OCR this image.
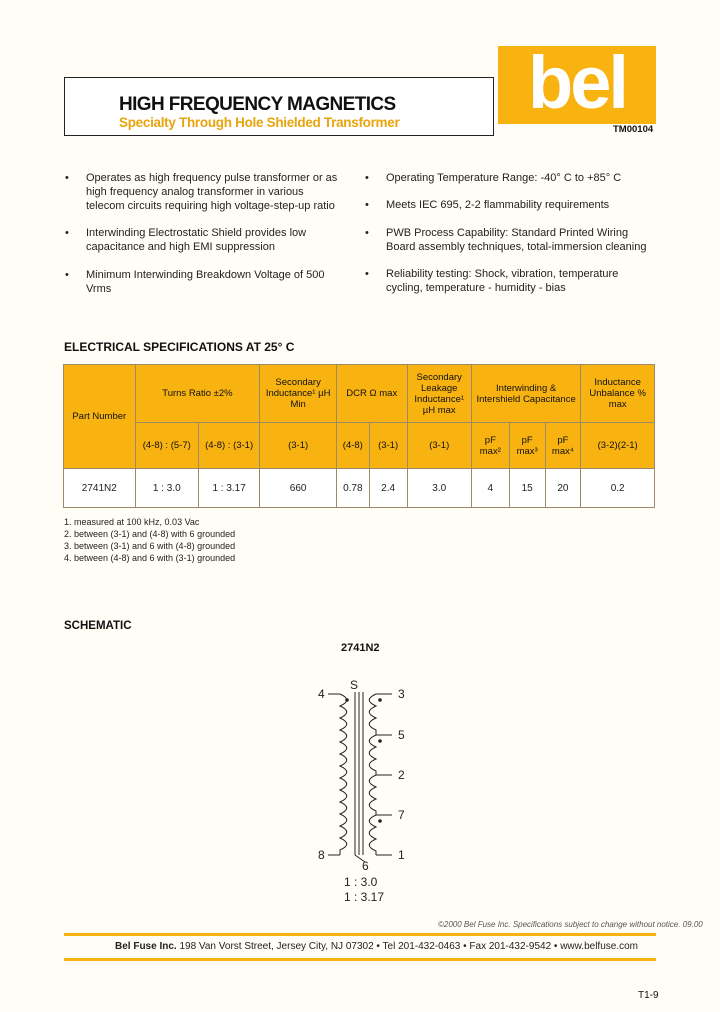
bel
HIGH FREQUENCY MAGNETICS
Specialty Through Hole Shielded Transformer	TM00104
• Operates as high frequency pulse transformer or as high frequency analog transformer in various telecom circuits requiring high voltage-step-up ratio
• Interwinding Electrostatic Shield provides low capacitance and high EMI suppression
• Minimum Interwinding Breakdown Voltage of 500 Vrms
• Operating Temperature Range: -40° C to +85° C
• Meets IEC 695, 2-2 flammability requirements
• PWB Process Capability: Standard Printed Wiring Board assembly techniques, total-immersion cleaning
• Reliability testing: Shock, vibration, temperature cycling, temperature - humidity - bias
ELECTRICAL SPECIFICATIONS AT 25° C
Part Number	Turns Ratio ±2%		Secondary Inductance¹ µH Min	DCR Ω max		Secondary Leakage Inductance¹ µH max	Interwinding & Intershield Capacitance			Inductance Unbalance % max
	(4-8) : (5-7)	(4-8) : (3-1)	(3-1)	(4-8)	(3-1)	(3-1)	pF max²	pF max³	pF max⁴	(3-2)(2-1)
2741N2	1 : 3.0	1 : 3.17	660	0.78	2.4	3.0	4	15	20	0.2
1. measured at 100 kHz, 0.03 Vac
2. between (3-1) and (4-8) with 6 grounded
3. between (3-1) and 6 with (4-8) grounded
4. between (4-8) and 6 with (3-1) grounded
SCHEMATIC
2741N2
S
4
8
3
5
2
7
1
6
1 : 3.0
1 : 3.17
©2000 Bel Fuse Inc. Specifications subject to change without notice. 09.00
Bel Fuse Inc. 198 Van Vorst Street, Jersey City, NJ 07302 • Tel 201-432-0463 • Fax 201-432-9542 • www.belfuse.com
T1-9
